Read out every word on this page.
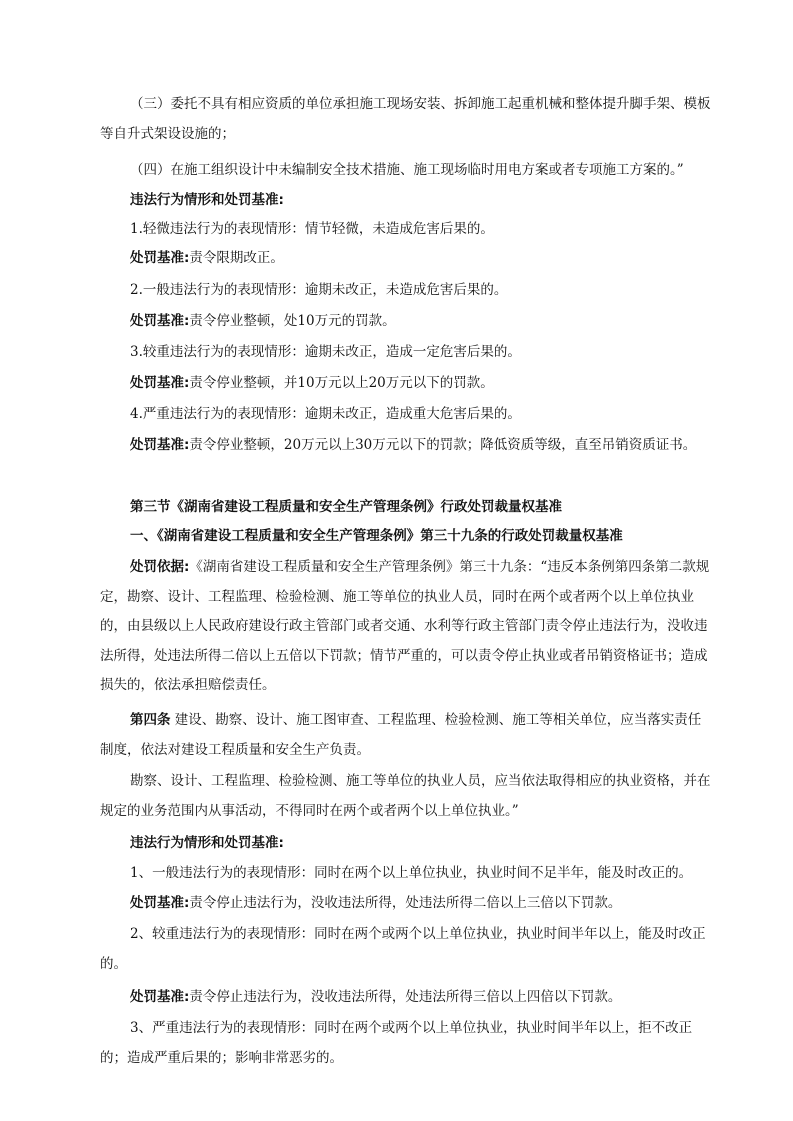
（三）委托不具有相应资质的单位承担施工现场安装、拆卸施工起重机械和整体提升脚手架、模板等自升式架设设施的；
（四）在施工组织设计中未编制安全技术措施、施工现场临时用电方案或者专项施工方案的。”
违法行为情形和处罚基准:
1.轻微违法行为的表现情形：情节轻微，未造成危害后果的。
处罚基准:责令限期改正。
2.一般违法行为的表现情形：逾期未改正，未造成危害后果的。
处罚基准:责令停业整顿，处10万元的罚款。
3.较重违法行为的表现情形：逾期未改正，造成一定危害后果的。
处罚基准:责令停业整顿，并10万元以上20万元以下的罚款。
4.严重违法行为的表现情形：逾期未改正，造成重大危害后果的。
处罚基准:责令停业整顿，20万元以上30万元以下的罚款；降低资质等级，直至吊销资质证书。
第三节《湖南省建设工程质量和安全生产管理条例》行政处罚裁量权基准
一、《湖南省建设工程质量和安全生产管理条例》第三十九条的行政处罚裁量权基准
处罚依据:《湖南省建设工程质量和安全生产管理条例》第三十九条：“违反本条例第四条第二款规定，勘察、设计、工程监理、检验检测、施工等单位的执业人员，同时在两个或者两个以上单位执业的，由县级以上人民政府建设行政主管部门或者交通、水利等行政主管部门责令停止违法行为，没收违法所得，处违法所得二倍以上五倍以下罚款；情节严重的，可以责令停止执业或者吊销资格证书；造成损失的，依法承担赔偿责任。
第四条 建设、勘察、设计、施工图审查、工程监理、检验检测、施工等相关单位，应当落实责任制度，依法对建设工程质量和安全生产负责。
勘察、设计、工程监理、检验检测、施工等单位的执业人员，应当依法取得相应的执业资格，并在规定的业务范围内从事活动，不得同时在两个或者两个以上单位执业。”
违法行为情形和处罚基准:
1、一般违法行为的表现情形：同时在两个以上单位执业，执业时间不足半年，能及时改正的。
处罚基准:责令停止违法行为，没收违法所得，处违法所得二倍以上三倍以下罚款。
2、较重违法行为的表现情形：同时在两个或两个以上单位执业，执业时间半年以上，能及时改正的。
处罚基准:责令停止违法行为，没收违法所得，处违法所得三倍以上四倍以下罚款。
3、严重违法行为的表现情形：同时在两个或两个以上单位执业，执业时间半年以上，拒不改正的；造成严重后果的；影响非常恶劣的。
